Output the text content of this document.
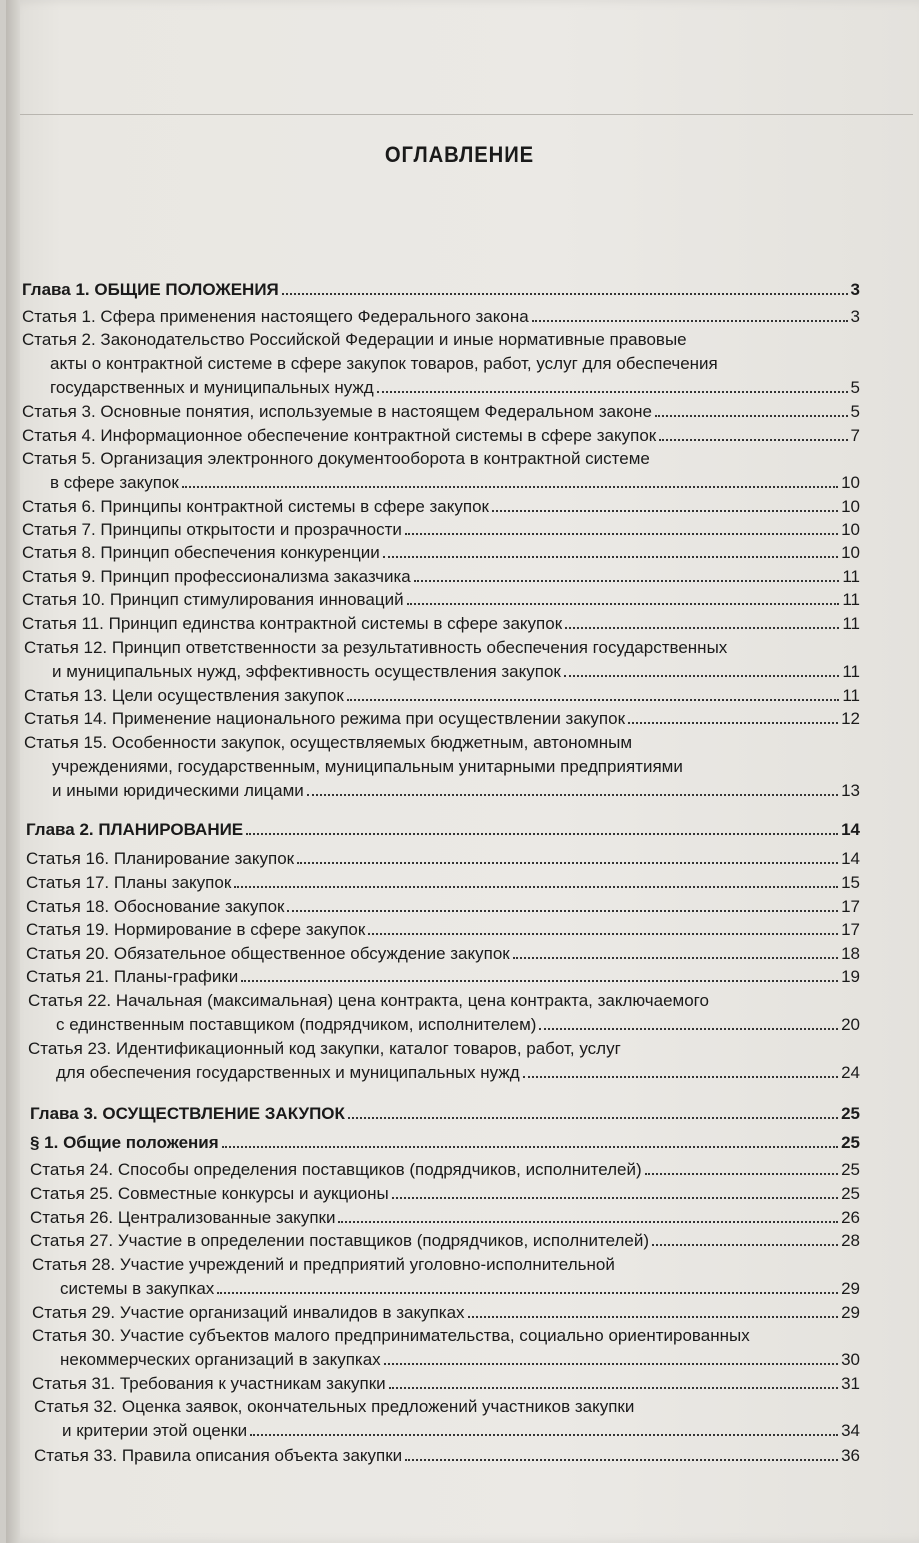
ОГЛАВЛЕНИЕ
Глава 1. ОБЩИЕ ПОЛОЖЕНИЯ	3
Статья 1. Сфера применения настоящего Федерального закона	3
Статья 2. Законодательство Российской Федерации и иные нормативные правовые
акты о контрактной системе в сфере закупок товаров, работ, услуг для обеспечения
государственных и муниципальных нужд	5
Статья 3. Основные понятия, используемые в настоящем Федеральном законе	5
Статья 4. Информационное обеспечение контрактной системы в сфере закупок	7
Статья 5. Организация электронного документооборота в контрактной системе
в сфере закупок	10
Статья 6. Принципы контрактной системы в сфере закупок	10
Статья 7. Принципы открытости и прозрачности	10
Статья 8. Принцип обеспечения конкуренции	10
Статья 9. Принцип профессионализма заказчика	11
Статья 10. Принцип стимулирования инноваций	11
Статья 11. Принцип единства контрактной системы в сфере закупок	11
Статья 12. Принцип ответственности за результативность обеспечения государственных
и муниципальных нужд, эффективность осуществления закупок	11
Статья 13. Цели осуществления закупок	11
Статья 14. Применение национального режима при осуществлении закупок	12
Статья 15. Особенности закупок, осуществляемых бюджетным, автономным
учреждениями, государственным, муниципальным унитарными предприятиями
и иными юридическими лицами	13
Глава 2. ПЛАНИРОВАНИЕ	14
Статья 16. Планирование закупок	14
Статья 17. Планы закупок	15
Статья 18. Обоснование закупок	17
Статья 19. Нормирование в сфере закупок	17
Статья 20. Обязательное общественное обсуждение закупок	18
Статья 21. Планы-графики	19
Статья 22. Начальная (максимальная) цена контракта, цена контракта, заключаемого
с единственным поставщиком (подрядчиком, исполнителем)	20
Статья 23. Идентификационный код закупки, каталог товаров, работ, услуг
для обеспечения государственных и муниципальных нужд	24
Глава 3. ОСУЩЕСТВЛЕНИЕ ЗАКУПОК	25
§ 1. Общие положения	25
Статья 24. Способы определения поставщиков (подрядчиков, исполнителей)	25
Статья 25. Совместные конкурсы и аукционы	25
Статья 26. Централизованные закупки	26
Статья 27. Участие в определении поставщиков (подрядчиков, исполнителей)	28
Статья 28. Участие учреждений и предприятий уголовно-исполнительной
системы в закупках	29
Статья 29. Участие организаций инвалидов в закупках	29
Статья 30. Участие субъектов малого предпринимательства, социально ориентированных
некоммерческих организаций в закупках	30
Статья 31. Требования к участникам закупки	31
Статья 32. Оценка заявок, окончательных предложений участников закупки
и критерии этой оценки	34
Статья 33. Правила описания объекта закупки	36
